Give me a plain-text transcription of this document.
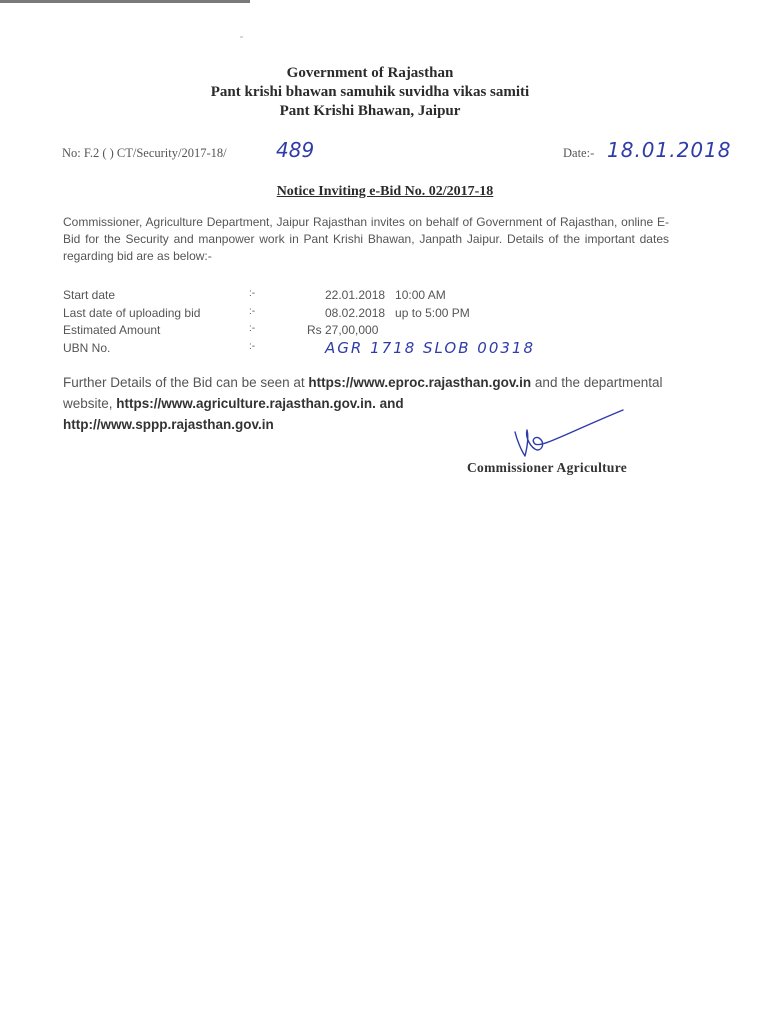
Government of Rajasthan
Pant krishi bhawan samuhik suvidha vikas samiti
Pant Krishi Bhawan, Jaipur
No: F.2 ( ) CT/Security/2017-18/ 489	Date:- 18.01.2018
Notice Inviting e-Bid No. 02/2017-18

Commissioner, Agriculture Department, Jaipur Rajasthan invites on behalf of Government of Rajasthan, online E-Bid for the Security and manpower work in Pant Krishi Bhawan, Janpath Jaipur. Details of the important dates regarding bid are as below:-

Start date	:-	22.01.2018   10:00 AM
Last date of uploading bid	:-	08.02.2018   up to 5:00 PM
Estimated Amount	:-	Rs 27,00,000
UBN No.	:-	AGR 1718 SLOB 00318

Further Details of the Bid can be seen at https://www.eproc.rajasthan.gov.in and the departmental website, https://www.agriculture.rajasthan.gov.in. and
http://www.sppp.rajasthan.gov.in

Commissioner Agriculture
